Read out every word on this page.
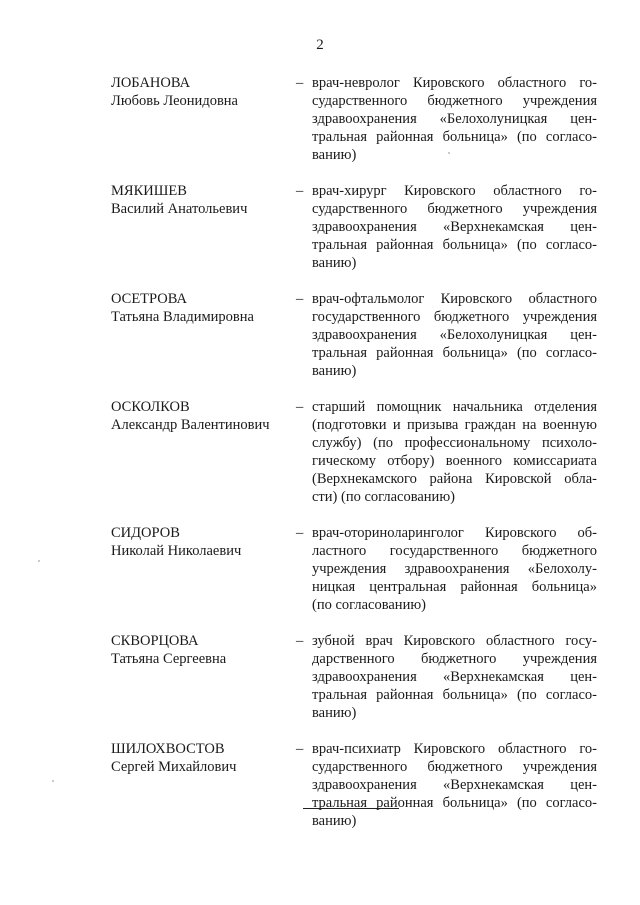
2
ЛОБАНОВА
Любовь Леонидовна
– врач-невролог Кировского областного го-
сударственного бюджетного учреждения
здравоохранения «Белохолуницкая цен-
тральная районная больница» (по согласо-
ванию)
МЯКИШЕВ
Василий Анатольевич
– врач-хирург Кировского областного го-
сударственного бюджетного учреждения
здравоохранения «Верхнекамская цен-
тральная районная больница» (по согласо-
ванию)
ОСЕТРОВА
Татьяна Владимировна
– врач-офтальмолог Кировского областного
государственного бюджетного учреждения
здравоохранения «Белохолуницкая цен-
тральная районная больница» (по согласо-
ванию)
ОСКОЛКОВ
Александр Валентинович
– старший помощник начальника отделения
(подготовки и призыва граждан на военную
службу) (по профессиональному психоло-
гическому отбору) военного комиссариата
(Верхнекамского района Кировской обла-
сти) (по согласованию)
СИДОРОВ
Николай Николаевич
– врач-оториноларинголог Кировского об-
ластного государственного бюджетного
учреждения здравоохранения «Белохолу-
ницкая центральная районная больница»
(по согласованию)
СКВОРЦОВА
Татьяна Сергеевна
– зубной врач Кировского областного госу-
дарственного бюджетного учреждения
здравоохранения «Верхнекамская цен-
тральная районная больница» (по согласо-
ванию)
ШИЛОХВОСТОВ
Сергей Михайлович
– врач-психиатр Кировского областного го-
сударственного бюджетного учреждения
здравоохранения «Верхнекамская цен-
тральная районная больница» (по согласо-
ванию)
